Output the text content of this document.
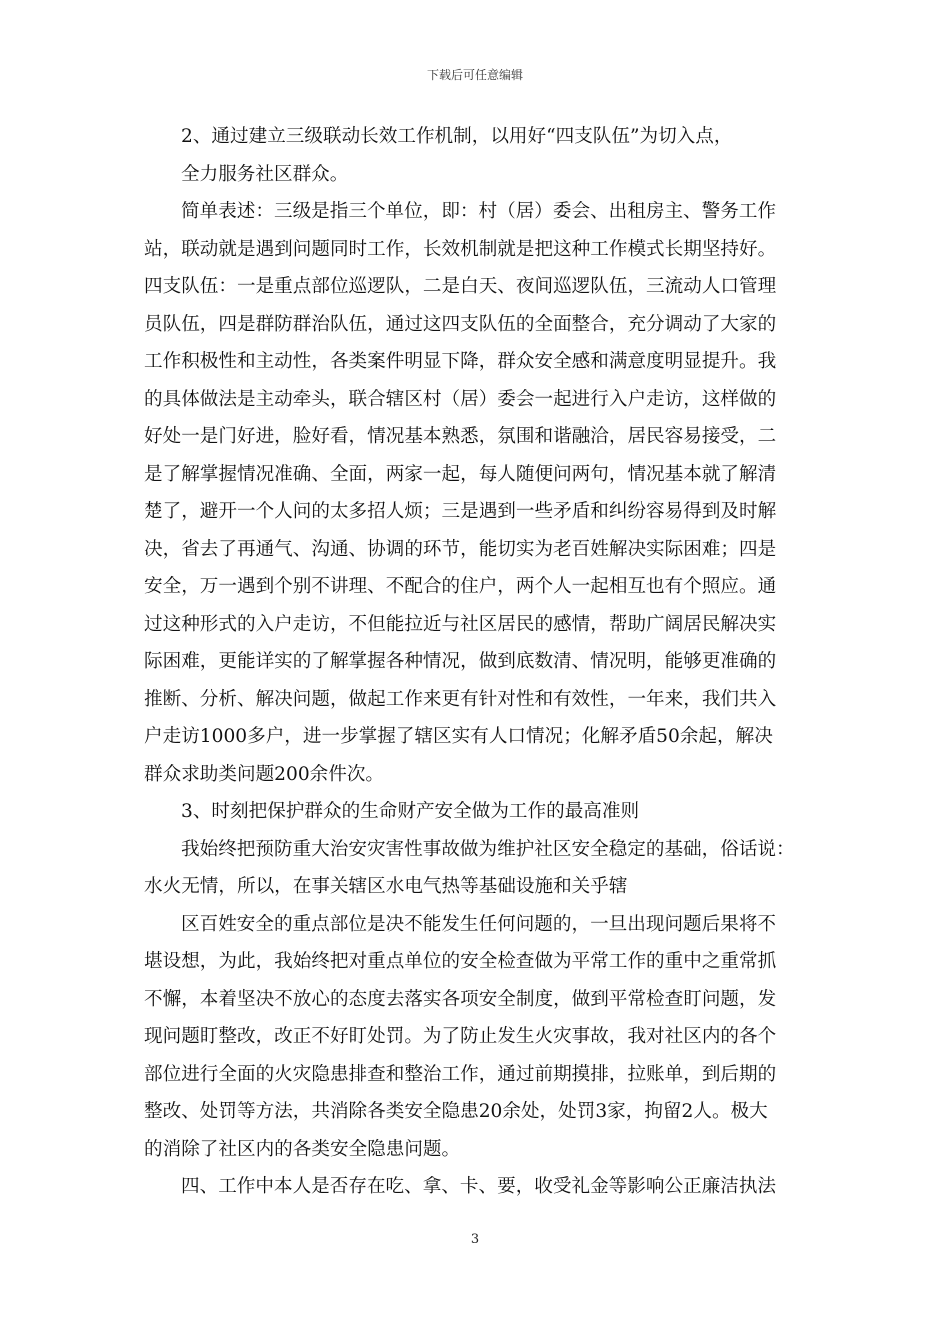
下载后可任意编辑
2、通过建立三级联动长效工作机制，以用好“四支队伍”为切入点，
全力服务社区群众。
简单表述：三级是指三个单位，即：村（居）委会、出租房主、警务工作
站，联动就是遇到问题同时工作，长效机制就是把这种工作模式长期坚持好。
四支队伍：一是重点部位巡逻队，二是白天、夜间巡逻队伍，三流动人口管理
员队伍，四是群防群治队伍，通过这四支队伍的全面整合，充分调动了大家的
工作积极性和主动性，各类案件明显下降，群众安全感和满意度明显提升。我
的具体做法是主动牵头，联合辖区村（居）委会一起进行入户走访，这样做的
好处一是门好进，脸好看，情况基本熟悉，氛围和谐融洽，居民容易接受，二
是了解掌握情况准确、全面，两家一起，每人随便问两句，情况基本就了解清
楚了，避开一个人问的太多招人烦；三是遇到一些矛盾和纠纷容易得到及时解
决，省去了再通气、沟通、协调的环节，能切实为老百姓解决实际困难；四是
安全，万一遇到个别不讲理、不配合的住户，两个人一起相互也有个照应。通
过这种形式的入户走访，不但能拉近与社区居民的感情，帮助广阔居民解决实
际困难，更能详实的了解掌握各种情况，做到底数清、情况明，能够更准确的
推断、分析、解决问题，做起工作来更有针对性和有效性，一年来，我们共入
户走访1000多户，进一步掌握了辖区实有人口情况；化解矛盾50余起，解决
群众求助类问题200余件次。
3、时刻把保护群众的生命财产安全做为工作的最高准则
我始终把预防重大治安灾害性事故做为维护社区安全稳定的基础，俗话说：
水火无情，所以，在事关辖区水电气热等基础设施和关乎辖
区百姓安全的重点部位是决不能发生任何问题的，一旦出现问题后果将不
堪设想，为此，我始终把对重点单位的安全检查做为平常工作的重中之重常抓
不懈，本着坚决不放心的态度去落实各项安全制度，做到平常检查盯问题，发
现问题盯整改，改正不好盯处罚。为了防止发生火灾事故，我对社区内的各个
部位进行全面的火灾隐患排查和整治工作，通过前期摸排，拉账单，到后期的
整改、处罚等方法，共消除各类安全隐患20余处，处罚3家，拘留2人。极大
的消除了社区内的各类安全隐患问题。
四、工作中本人是否存在吃、拿、卡、要，收受礼金等影响公正廉洁执法
3
